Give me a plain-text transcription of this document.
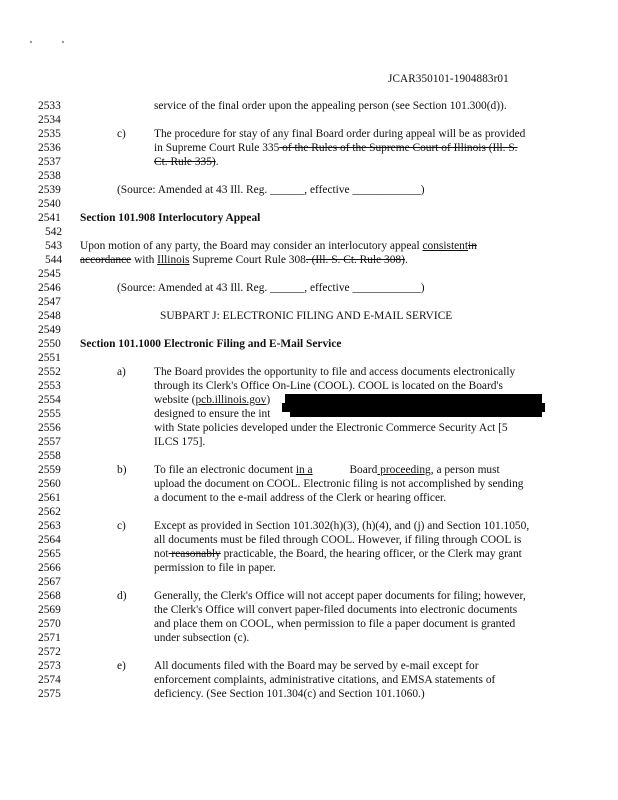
JCAR350101-1904883r01
2533	service of the final order upon the appealing person (see Section 101.300(d)).
2534
2535	c) The procedure for stay of any final Board order during appeal will be as provided
2536	in Supreme Court Rule 335 of the Rules of the Supreme Court of Illinois (Ill. S.
2537	Ct. Rule 335).
2538
2539	(Source: Amended at 43 Ill. Reg. ______, effective ____________)
2540
2541 Section 101.908 Interlocutory Appeal
542
543 Upon motion of any party, the Board may consider an interlocutory appeal consistentin
544 accordance with Illinois Supreme Court Rule 308. (Ill. S. Ct. Rule 308).
2545
2546	(Source: Amended at 43 Ill. Reg. ______, effective ____________)
2547
2548	SUBPART J: ELECTRONIC FILING AND E-MAIL SERVICE
2549
2550 Section 101.1000 Electronic Filing and E-Mail Service
2551
2552	a) The Board provides the opportunity to file and access documents electronically
2553	through its Clerk's Office On-Line (COOL). COOL is located on the Board's
2554	website (pcb.illinois.gov)
2555	designed to ensure the int
2556	with State policies developed under the Electronic Commerce Security Act [5
2557	ILCS 175].
2558
2559	b) To file an electronic document in a	Board proceeding, a person must
2560	upload the document on COOL. Electronic filing is not accomplished by sending
2561	a document to the e-mail address of the Clerk or hearing officer.
2562
2563	c) Except as provided in Section 101.302(h)(3), (h)(4), and (j) and Section 101.1050,
2564	all documents must be filed through COOL. However, if filing through COOL is
2565	not reasonably practicable, the Board, the hearing officer, or the Clerk may grant
2566	permission to file in paper.
2567
2568	d) Generally, the Clerk's Office will not accept paper documents for filing; however,
2569	the Clerk's Office will convert paper-filed documents into electronic documents
2570	and place them on COOL, when permission to file a paper document is granted
2571	under subsection (c).
2572
2573	e) All documents filed with the Board may be served by e-mail except for
2574	enforcement complaints, administrative citations, and EMSA statements of
2575	deficiency. (See Section 101.304(c) and Section 101.1060.)
